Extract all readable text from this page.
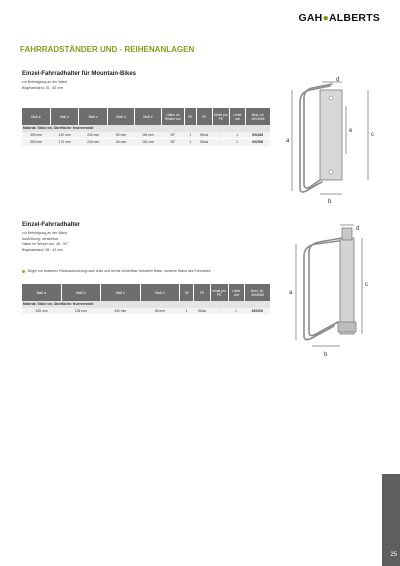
GAH●ALBERTS
FAHRRADSTÄNDER UND - REIHENANLAGEN
Einzel-Fahrradhalter für Mountain-Bikes
zur Befestigung an der Wand
Bügelabstand: 25 - 53 mm
Maß a	Maß b	Maß c	Maß d	Maß e	Halter im Winkel von	VE	PE	Inhalt pro PE	Liefer zeit	Best.-Nr. 4004558
Material: Stahl roh, Oberfläche: feuerverzinkt										
350 mm	140 mm	240 mm	60 mm	161 mm	90°	1	Stück	-	L	692483
350 mm	170 mm	240 mm	60 mm	161 mm	45°	1	Stück	-	L	692506	a
b
c
d
e
Einzel-Fahrradhalter
zur Befestigung an der Wand
Ausführung: verstellbar
Halter im Winkel von: 45 - 90 °
Bügelabstand: 28 - 42 mm
Bügel zur besseren Raumausnutzung nach links und rechts verstellbar, trotzdem fester, sicherer Stand des Fahrrades
Maß a	Maß b	Maß c	Maß d	VE	PE	Inhalt pro PE	Liefer zeit	Best.-Nr. 4004558
Material: Stahl roh, Oberfläche: feuerverzinkt								
330 mm	135 mm	340 mm	38 mm	1	Stück	-	L	692308
a
b
c
d
25
